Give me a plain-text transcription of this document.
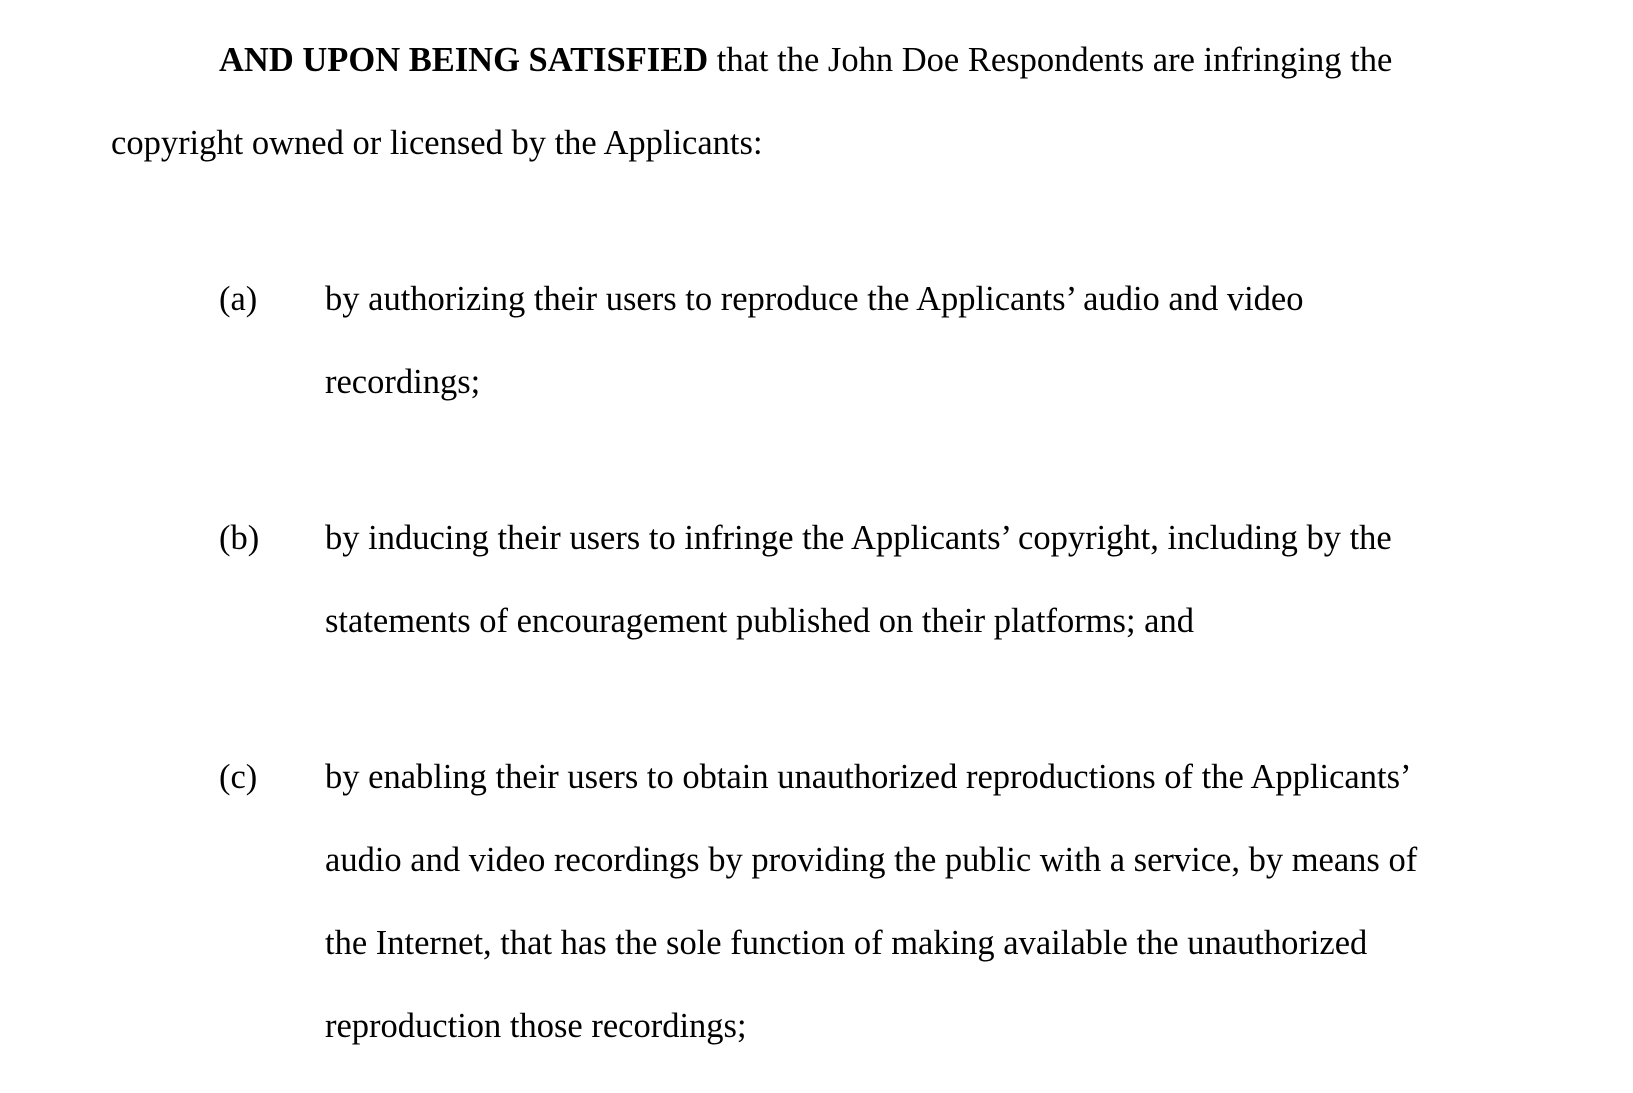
AND UPON BEING SATISFIED that the John Doe Respondents are infringing the
copyright owned or licensed by the Applicants:
(a) by authorizing their users to reproduce the Applicants’ audio and video
recordings;
(b) by inducing their users to infringe the Applicants’ copyright, including by the
statements of encouragement published on their platforms; and
(c) by enabling their users to obtain unauthorized reproductions of the Applicants’
audio and video recordings by providing the public with a service, by means of
the Internet, that has the sole function of making available the unauthorized
reproduction those recordings;
